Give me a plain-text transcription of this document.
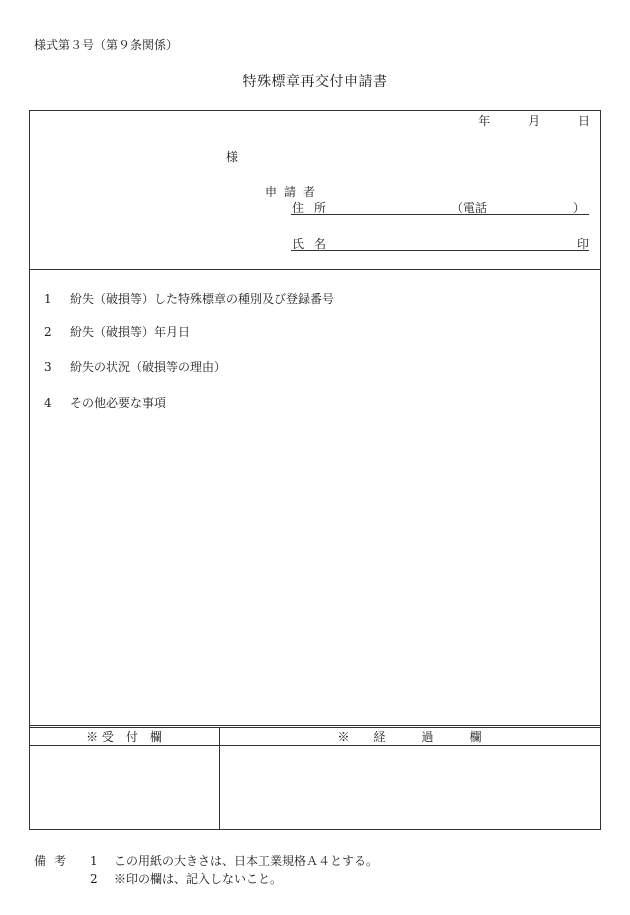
様式第３号（第９条関係）
特殊標章再交付申請書
年	月	日
様
申請者
住所	（電話	）
氏名	印
1 紛失（破損等）した特殊標章の種別及び登録番号
2 紛失（破損等）年月日
3 紛失の状況（破損等の理由）
4 その他必要な事項
※ 受　付　欄	※　　経　　　過　　　欄
備考 1 この用紙の大きさは、日本工業規格Ａ４とする。
2 ※印の欄は、記入しないこと。
